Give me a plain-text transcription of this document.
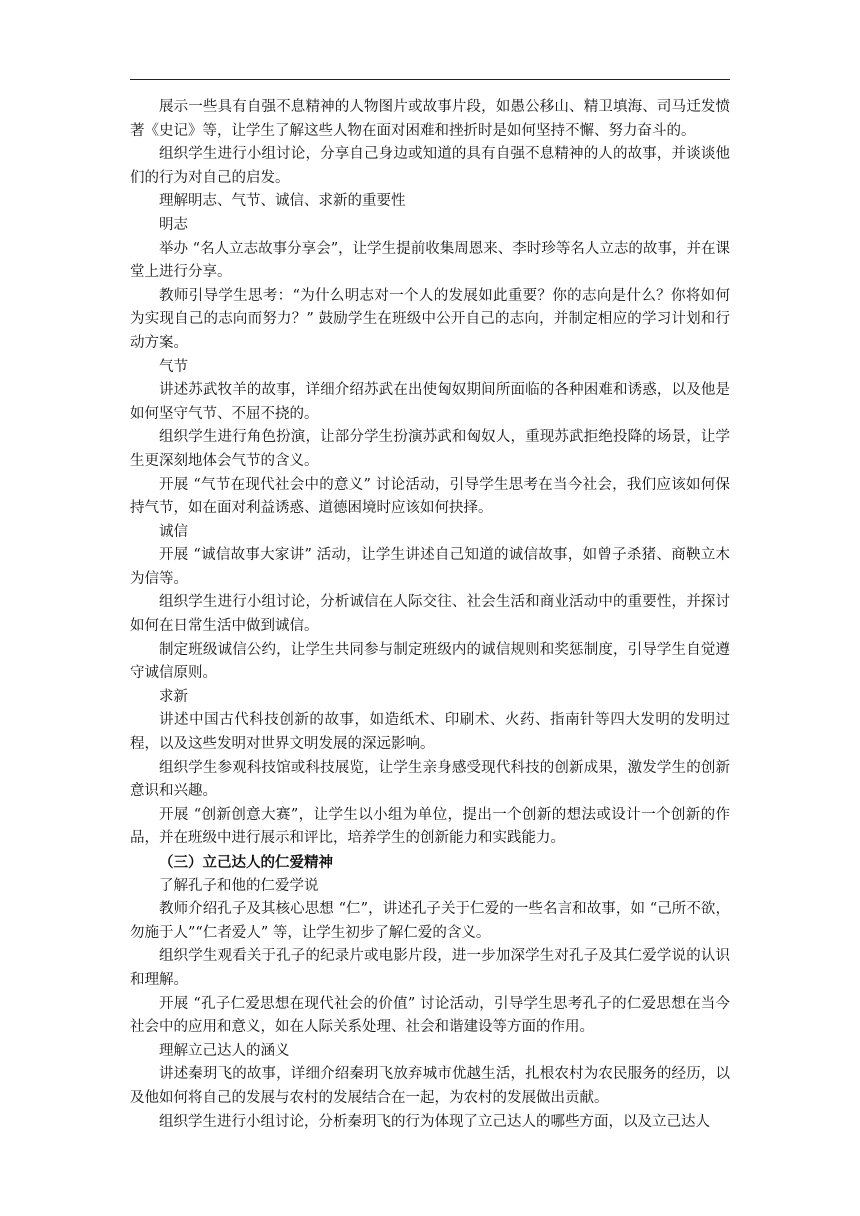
展示一些具有自强不息精神的人物图片或故事片段，如愚公移山、精卫填海、司马迁发愤著《史记》等，让学生了解这些人物在面对困难和挫折时是如何坚持不懈、努力奋斗的。

组织学生进行小组讨论，分享自己身边或知道的具有自强不息精神的人的故事，并谈谈他们的行为对自己的启发。

理解明志、气节、诚信、求新的重要性

明志

举办 “名人立志故事分享会”，让学生提前收集周恩来、李时珍等名人立志的故事，并在课堂上进行分享。

教师引导学生思考：“为什么明志对一个人的发展如此重要？你的志向是什么？你将如何为实现自己的志向而努力？” 鼓励学生在班级中公开自己的志向，并制定相应的学习计划和行动方案。

气节

讲述苏武牧羊的故事，详细介绍苏武在出使匈奴期间所面临的各种困难和诱惑，以及他是如何坚守气节、不屈不挠的。

组织学生进行角色扮演，让部分学生扮演苏武和匈奴人，重现苏武拒绝投降的场景，让学生更深刻地体会气节的含义。

开展 “气节在现代社会中的意义” 讨论活动，引导学生思考在当今社会，我们应该如何保持气节，如在面对利益诱惑、道德困境时应该如何抉择。

诚信

开展 “诚信故事大家讲” 活动，让学生讲述自己知道的诚信故事，如曾子杀猪、商鞅立木为信等。

组织学生进行小组讨论，分析诚信在人际交往、社会生活和商业活动中的重要性，并探讨如何在日常生活中做到诚信。

制定班级诚信公约，让学生共同参与制定班级内的诚信规则和奖惩制度，引导学生自觉遵守诚信原则。

求新

讲述中国古代科技创新的故事，如造纸术、印刷术、火药、指南针等四大发明的发明过程，以及这些发明对世界文明发展的深远影响。

组织学生参观科技馆或科技展览，让学生亲身感受现代科技的创新成果，激发学生的创新意识和兴趣。

开展 “创新创意大赛”，让学生以小组为单位，提出一个创新的想法或设计一个创新的作品，并在班级中进行展示和评比，培养学生的创新能力和实践能力。

（三）立己达人的仁爱精神

了解孔子和他的仁爱学说

教师介绍孔子及其核心思想 “仁”，讲述孔子关于仁爱的一些名言和故事，如 “己所不欲，勿施于人”“仁者爱人” 等，让学生初步了解仁爱的含义。

组织学生观看关于孔子的纪录片或电影片段，进一步加深学生对孔子及其仁爱学说的认识和理解。

开展 “孔子仁爱思想在现代社会的价值” 讨论活动，引导学生思考孔子的仁爱思想在当今社会中的应用和意义，如在人际关系处理、社会和谐建设等方面的作用。

理解立己达人的涵义

讲述秦玥飞的故事，详细介绍秦玥飞放弃城市优越生活，扎根农村为农民服务的经历，以及他如何将自己的发展与农村的发展结合在一起，为农村的发展做出贡献。

组织学生进行小组讨论，分析秦玥飞的行为体现了立己达人的哪些方面，以及立己达人
